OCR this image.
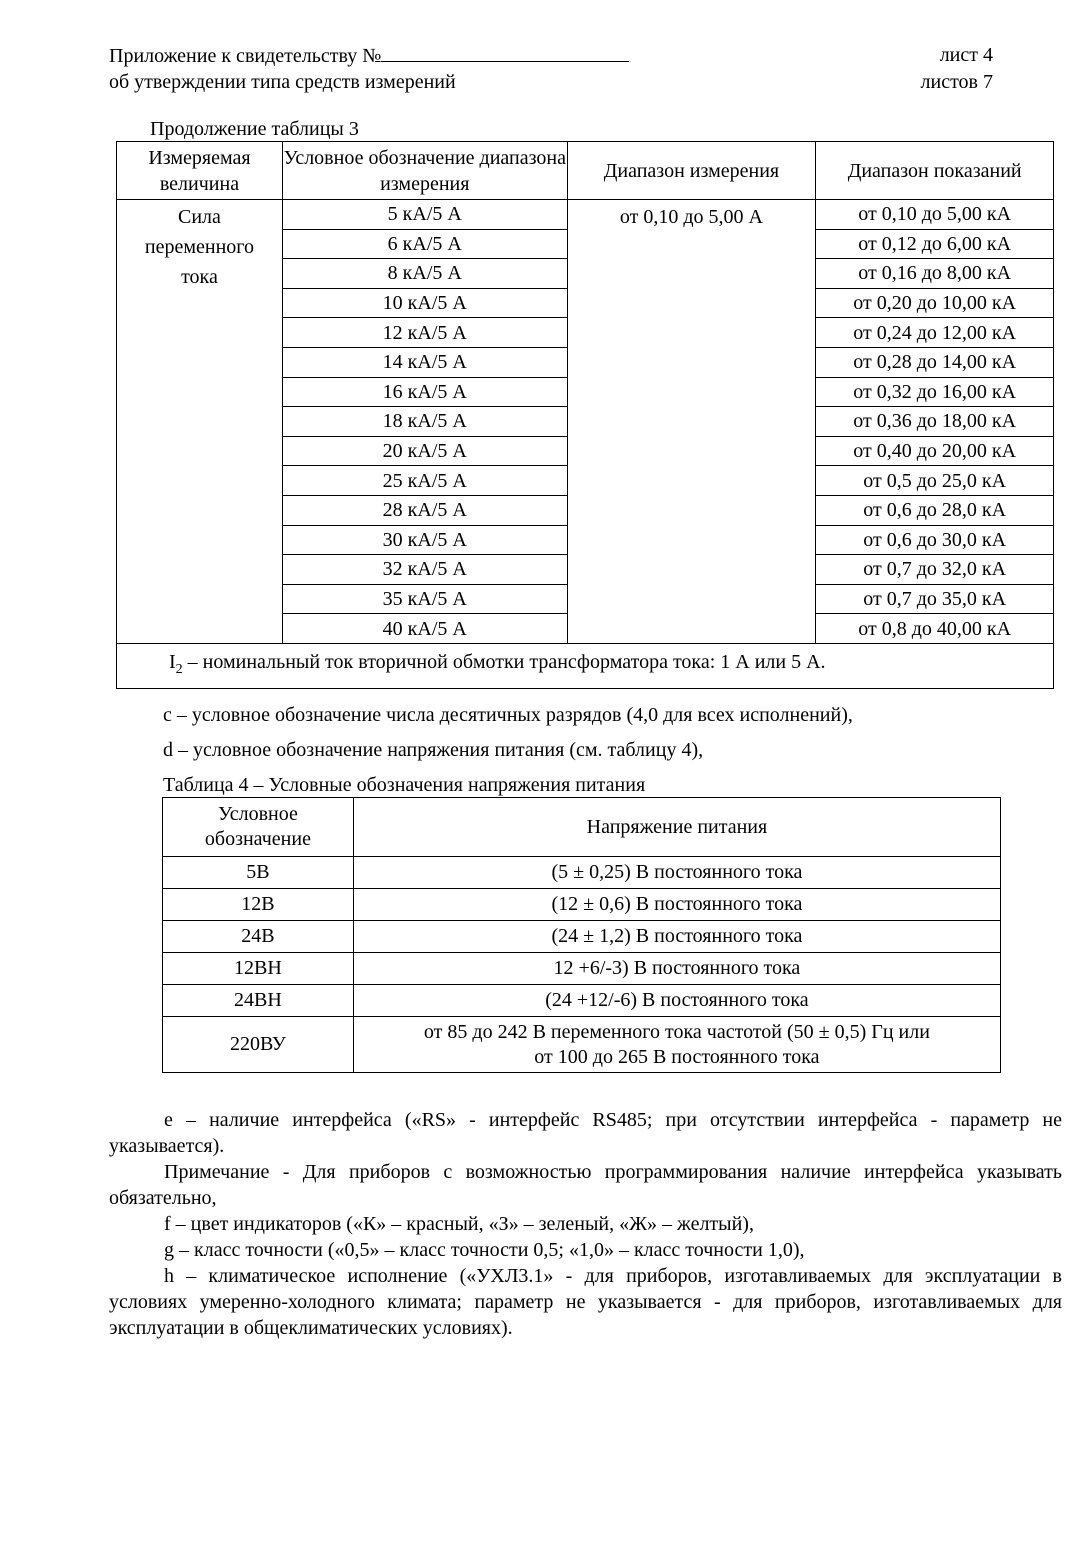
Приложение к свидетельству №	лист 4
об утверждении типа средств измерений	листов 7
Продолжение таблицы 3
Измеряемая величина	Условное обозначение диапазона измерения	Диапазон измерения	Диапазон показаний
Сила переменного тока	5 кА/5 А	от 0,10 до 5,00 А	от 0,10 до 5,00 кА
	6 кА/5 А		от 0,12 до 6,00 кА
	8 кА/5 А		от 0,16 до 8,00 кА
	10 кА/5 А		от 0,20 до 10,00 кА
	12 кА/5 А		от 0,24 до 12,00 кА
	14 кА/5 А		от 0,28 до 14,00 кА
	16 кА/5 А		от 0,32 до 16,00 кА
	18 кА/5 А		от 0,36 до 18,00 кА
	20 кА/5 А		от 0,40 до 20,00 кА
	25 кА/5 А		от 0,5 до 25,0 кА
	28 кА/5 А		от 0,6 до 28,0 кА
	30 кА/5 А		от 0,6 до 30,0 кА
	32 кА/5 А		от 0,7 до 32,0 кА
	35 кА/5 А		от 0,7 до 35,0 кА
	40 кА/5 А		от 0,8 до 40,00 кА
$I_2$ – номинальный ток вторичной обмотки трансформатора тока: 1 А или 5 А.			
c – условное обозначение числа десятичных разрядов (4,0 для всех исполнений),
d – условное обозначение напряжения питания (см. таблицу 4),
Таблица 4 – Условные обозначения напряжения питания
Условное обозначение	Напряжение питания
5В	(5 ± 0,25) В постоянного тока
12В	(12 ± 0,6) В постоянного тока
24В	(24 ± 1,2) В постоянного тока
12ВН	12 +6/-3) В постоянного тока
24ВН	(24 +12/-6) В постоянного тока
220ВУ	от 85 до 242 В переменного тока частотой (50 ± 0,5) Гц или
от 100 до 265 В постоянного тока

е – наличие интерфейса («RS» - интерфейс RS485; при отсутствии интерфейса - параметр не указывается).

Примечание - Для приборов с возможностью программирования наличие интерфейса указывать обязательно,

f – цвет индикаторов («К» – красный, «З» – зеленый, «Ж» – желтый),

g – класс точности («0,5» – класс точности 0,5; «1,0» – класс точности 1,0),

h – климатическое исполнение («УХЛ3.1» - для приборов, изготавливаемых для эксплуатации в условиях умеренно-холодного климата; параметр не указывается - для приборов, изготавливаемых для эксплуатации в общеклиматических условиях).
